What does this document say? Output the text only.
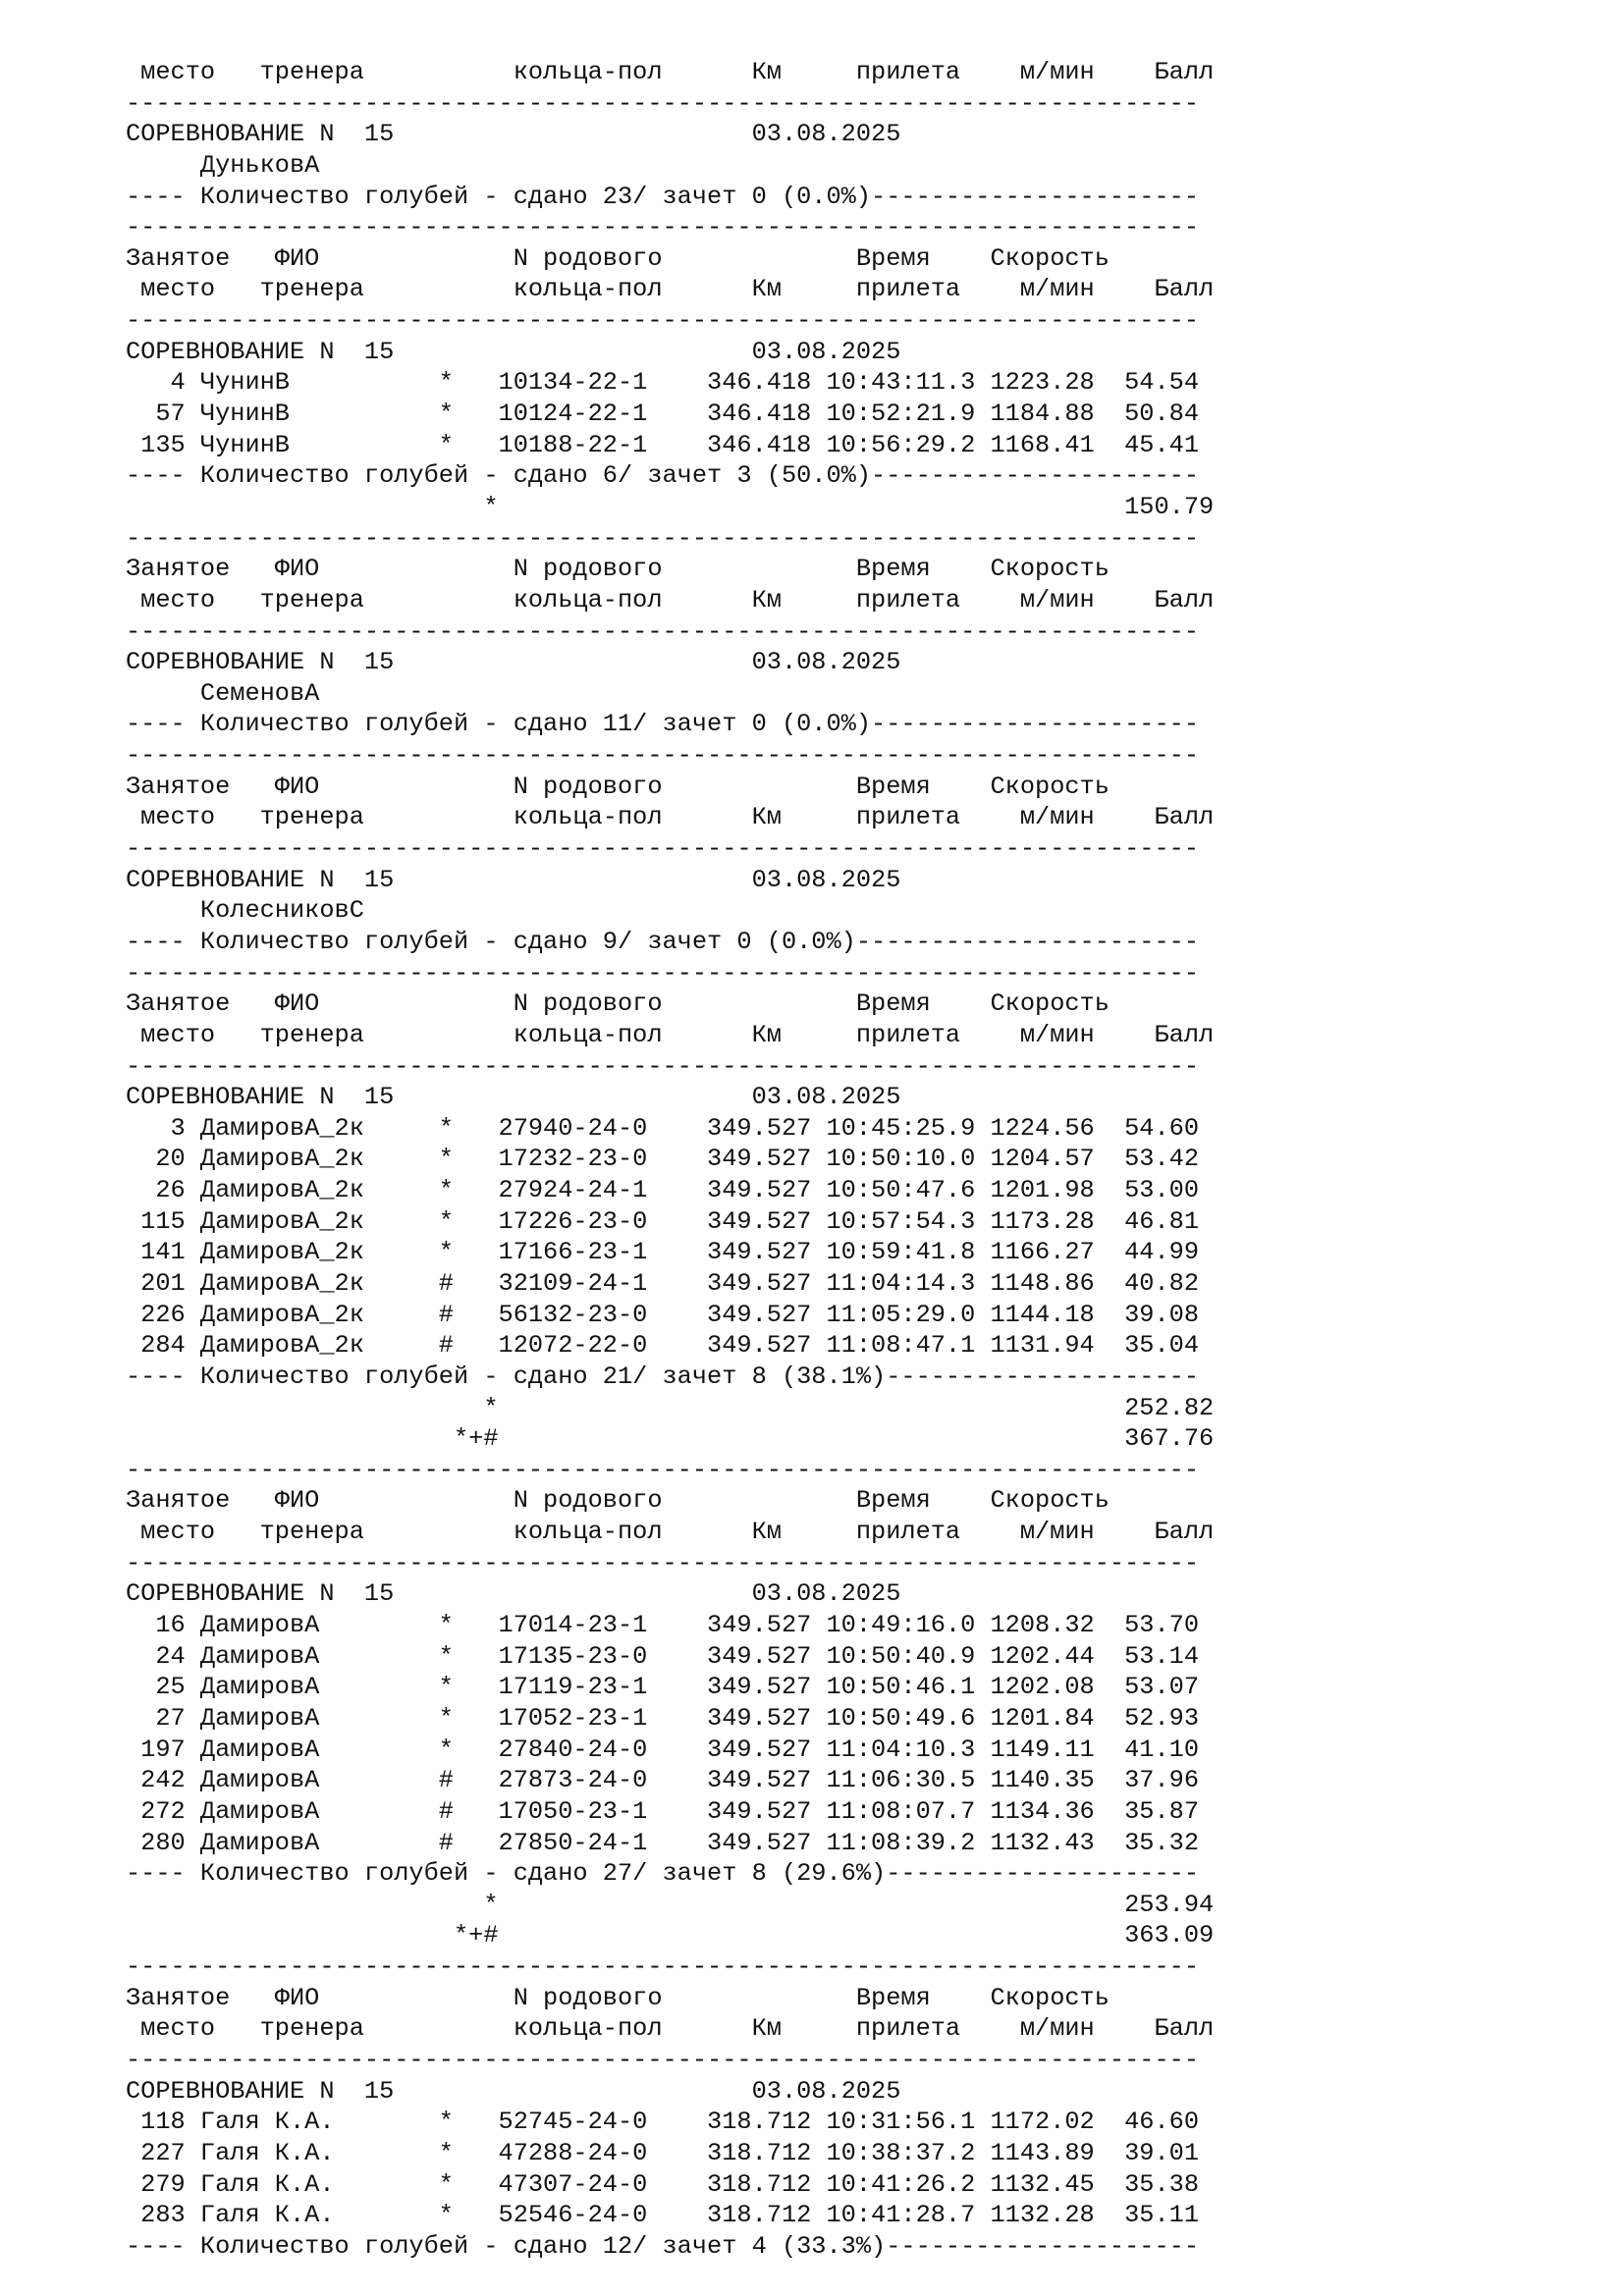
место   тренера          кольца-пол      Км     прилета    м/мин    Балл
------------------------------------------------------------------------
СОРЕВНОВАНИЕ N  15                        03.08.2025
ДуньковА
---- Количество голубей - сдано 23/ зачет 0 (0.0%)----------------------
------------------------------------------------------------------------
Занятое   ФИО             N родового             Время    Скорость
место   тренера          кольца-пол      Км     прилета    м/мин    Балл
------------------------------------------------------------------------
СОРЕВНОВАНИЕ N  15                        03.08.2025
4 ЧунинВ          *   10134-22-1    346.418 10:43:11.3 1223.28  54.54
57 ЧунинВ          *   10124-22-1    346.418 10:52:21.9 1184.88  50.84
135 ЧунинВ          *   10188-22-1    346.418 10:56:29.2 1168.41  45.41
---- Количество голубей - сдано 6/ зачет 3 (50.0%)----------------------
*                                          150.79
------------------------------------------------------------------------
Занятое   ФИО             N родового             Время    Скорость
место   тренера          кольца-пол      Км     прилета    м/мин    Балл
------------------------------------------------------------------------
СОРЕВНОВАНИЕ N  15                        03.08.2025
СеменовА
---- Количество голубей - сдано 11/ зачет 0 (0.0%)----------------------
------------------------------------------------------------------------
Занятое   ФИО             N родового             Время    Скорость
место   тренера          кольца-пол      Км     прилета    м/мин    Балл
------------------------------------------------------------------------
СОРЕВНОВАНИЕ N  15                        03.08.2025
КолесниковС
---- Количество голубей - сдано 9/ зачет 0 (0.0%)-----------------------
------------------------------------------------------------------------
Занятое   ФИО             N родового             Время    Скорость
место   тренера          кольца-пол      Км     прилета    м/мин    Балл
------------------------------------------------------------------------
СОРЕВНОВАНИЕ N  15                        03.08.2025
3 ДамировА_2к     *   27940-24-0    349.527 10:45:25.9 1224.56  54.60
20 ДамировА_2к     *   17232-23-0    349.527 10:50:10.0 1204.57  53.42
26 ДамировА_2к     *   27924-24-1    349.527 10:50:47.6 1201.98  53.00
115 ДамировА_2к     *   17226-23-0    349.527 10:57:54.3 1173.28  46.81
141 ДамировА_2к     *   17166-23-1    349.527 10:59:41.8 1166.27  44.99
201 ДамировА_2к     #   32109-24-1    349.527 11:04:14.3 1148.86  40.82
226 ДамировА_2к     #   56132-23-0    349.527 11:05:29.0 1144.18  39.08
284 ДамировА_2к     #   12072-22-0    349.527 11:08:47.1 1131.94  35.04
---- Количество голубей - сдано 21/ зачет 8 (38.1%)---------------------
*                                          252.82
*+#                                          367.76
------------------------------------------------------------------------
Занятое   ФИО             N родового             Время    Скорость
место   тренера          кольца-пол      Км     прилета    м/мин    Балл
------------------------------------------------------------------------
СОРЕВНОВАНИЕ N  15                        03.08.2025
16 ДамировА        *   17014-23-1    349.527 10:49:16.0 1208.32  53.70
24 ДамировА        *   17135-23-0    349.527 10:50:40.9 1202.44  53.14
25 ДамировА        *   17119-23-1    349.527 10:50:46.1 1202.08  53.07
27 ДамировА        *   17052-23-1    349.527 10:50:49.6 1201.84  52.93
197 ДамировА        *   27840-24-0    349.527 11:04:10.3 1149.11  41.10
242 ДамировА        #   27873-24-0    349.527 11:06:30.5 1140.35  37.96
272 ДамировА        #   17050-23-1    349.527 11:08:07.7 1134.36  35.87
280 ДамировА        #   27850-24-1    349.527 11:08:39.2 1132.43  35.32
---- Количество голубей - сдано 27/ зачет 8 (29.6%)---------------------
*                                          253.94
*+#                                          363.09
------------------------------------------------------------------------
Занятое   ФИО             N родового             Время    Скорость
место   тренера          кольца-пол      Км     прилета    м/мин    Балл
------------------------------------------------------------------------
СОРЕВНОВАНИЕ N  15                        03.08.2025
118 Галя К.А.       *   52745-24-0    318.712 10:31:56.1 1172.02  46.60
227 Галя К.А.       *   47288-24-0    318.712 10:38:37.2 1143.89  39.01
279 Галя К.А.       *   47307-24-0    318.712 10:41:26.2 1132.45  35.38
283 Галя К.А.       *   52546-24-0    318.712 10:41:28.7 1132.28  35.11
---- Количество голубей - сдано 12/ зачет 4 (33.3%)---------------------
